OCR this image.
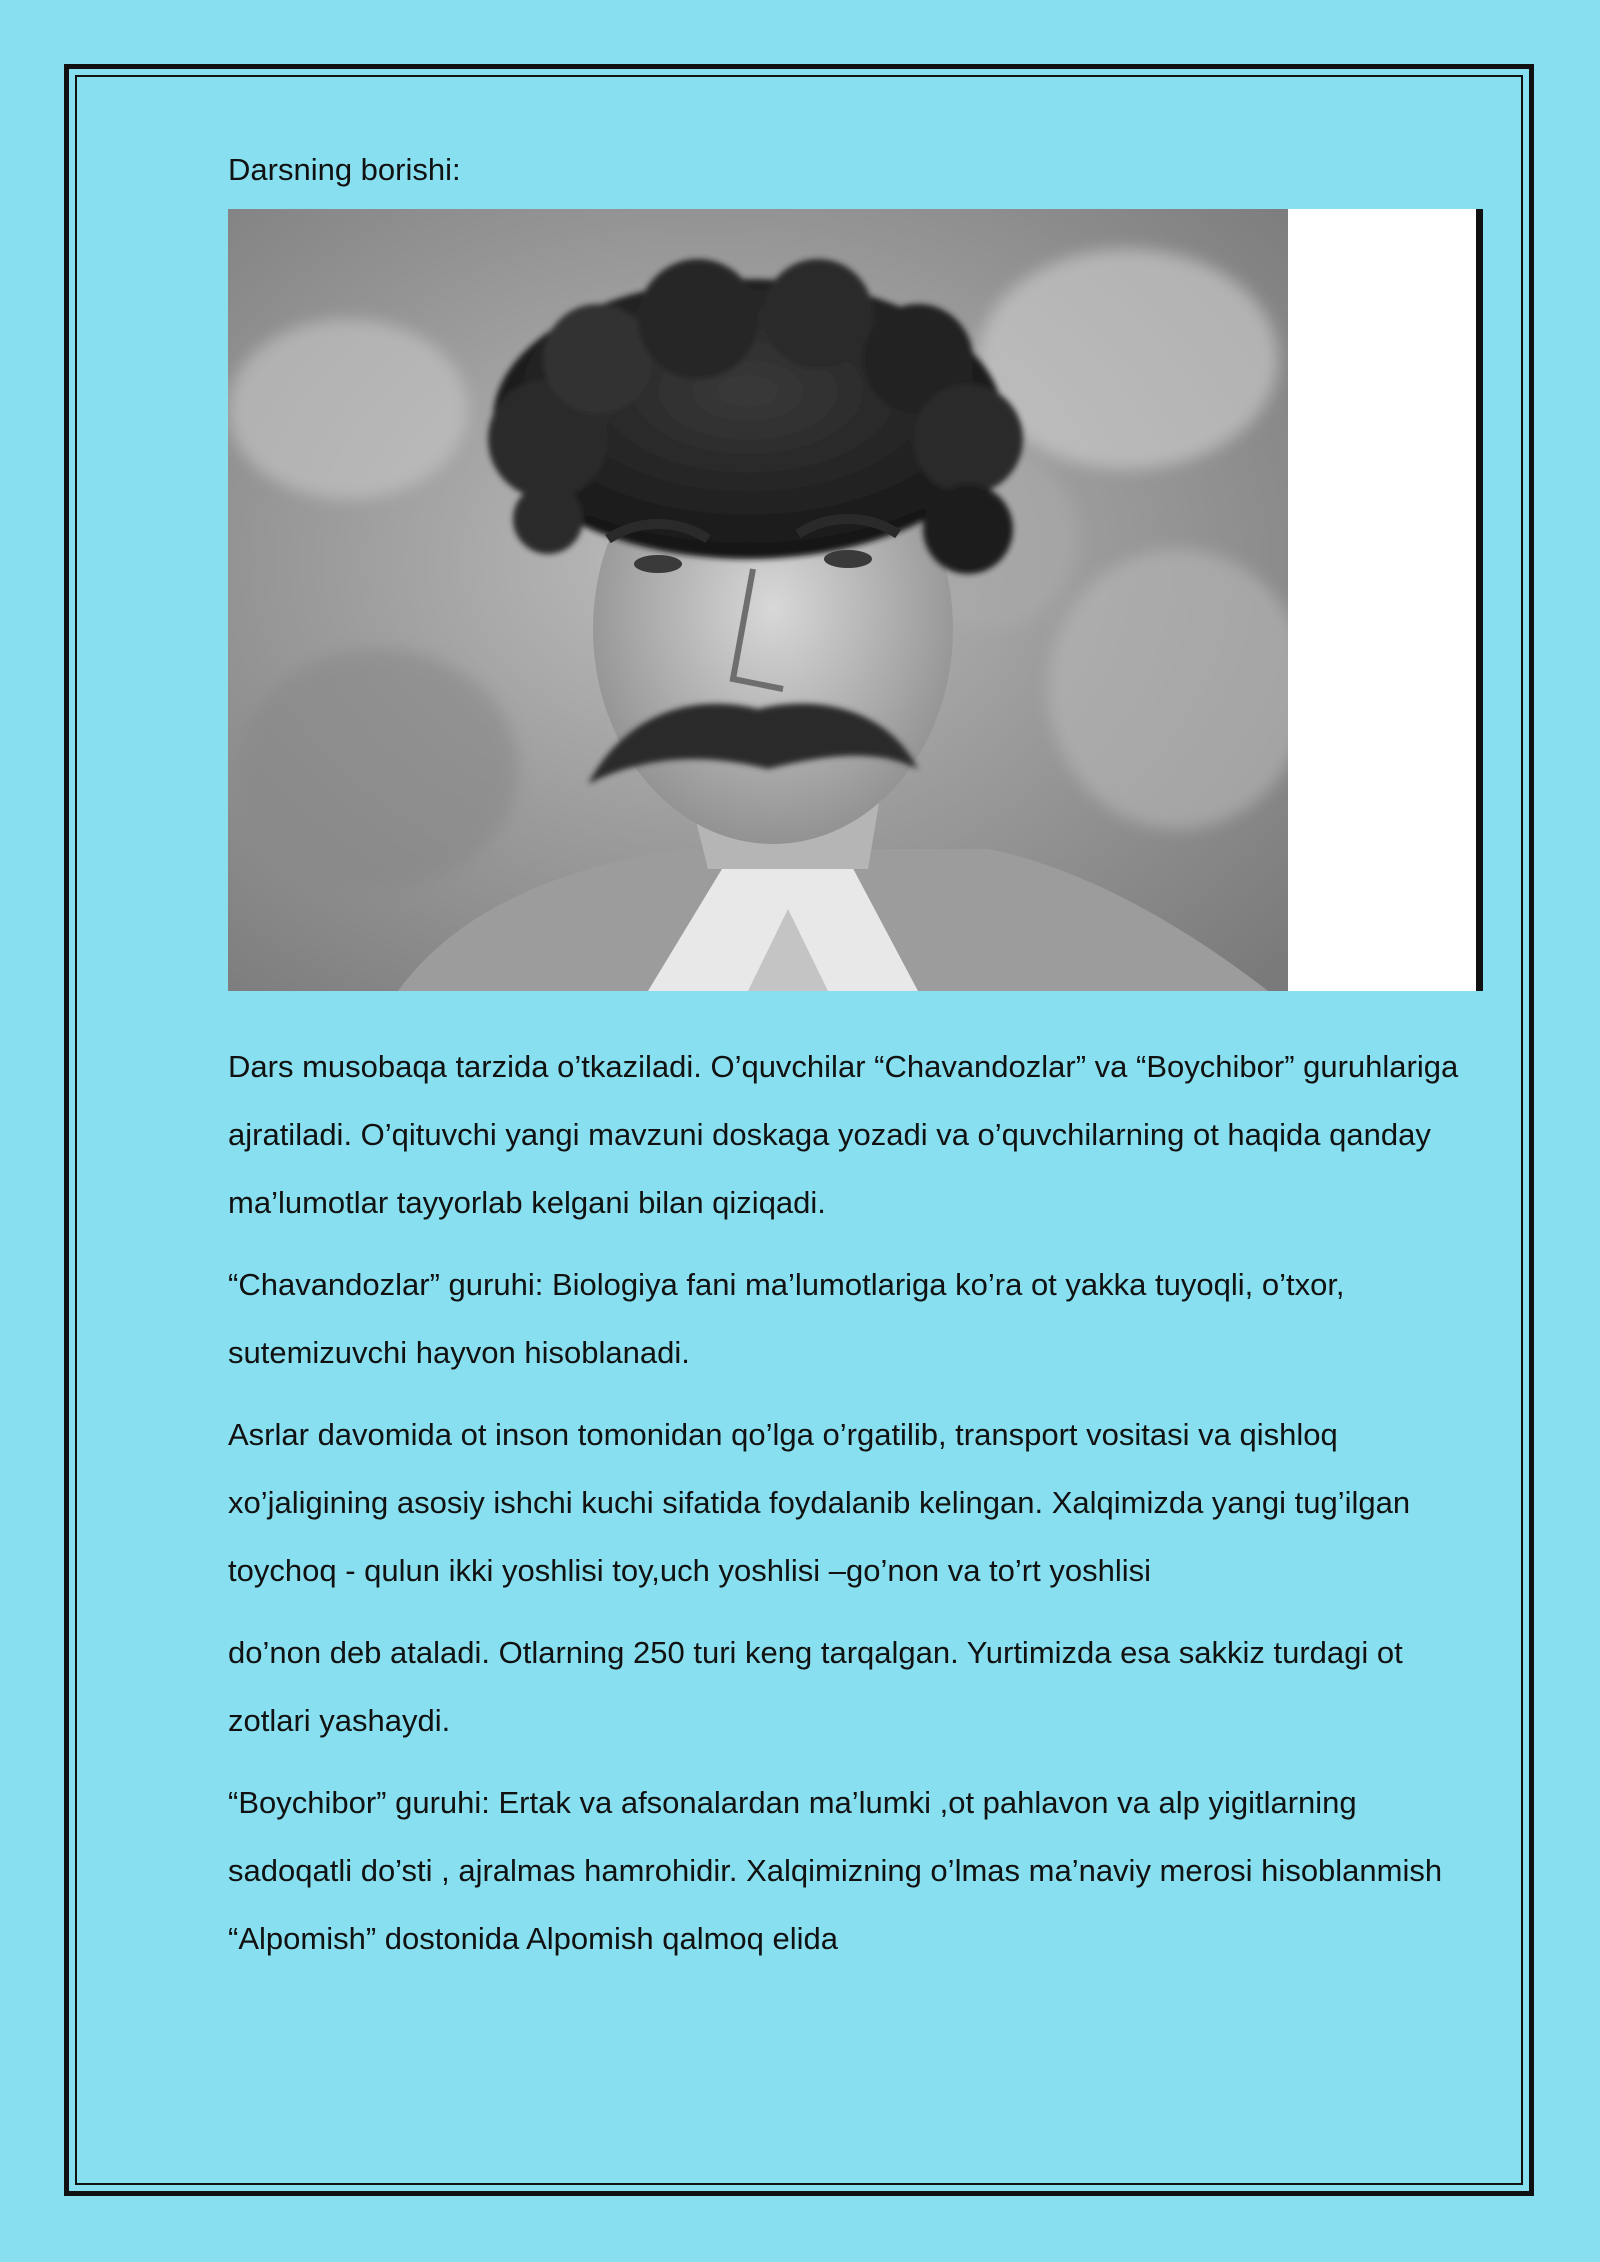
Darsning borishi:

Dars musobaqa tarzida o’tkaziladi. O’quvchilar “Chavandozlar” va “Boychibor” guruhlariga ajratiladi. O’qituvchi yangi mavzuni doskaga yozadi va o’quvchilarning ot haqida qanday ma’lumotlar tayyorlab kelgani bilan qiziqadi.

“Chavandozlar” guruhi: Biologiya fani ma’lumotlariga ko’ra ot yakka tuyoqli, o’txor, sutemizuvchi hayvon hisoblanadi.

Asrlar davomida ot inson tomonidan qo’lga o’rgatilib, transport vositasi va qishloq xo’jaligining asosiy ishchi kuchi sifatida foydalanib kelingan. Xalqimizda yangi tug’ilgan toychoq - qulun ikki yoshlisi toy,uch yoshlisi –go’non va to’rt yoshlisi

do’non deb ataladi. Otlarning 250 turi keng tarqalgan. Yurtimizda esa sakkiz turdagi ot zotlari yashaydi.

“Boychibor” guruhi: Ertak va afsonalardan ma’lumki ,ot pahlavon va alp yigitlarning sadoqatli do’sti , ajralmas hamrohidir. Xalqimizning o’lmas ma’naviy merosi hisoblanmish “Alpomish” dostonida Alpomish qalmoq elida
